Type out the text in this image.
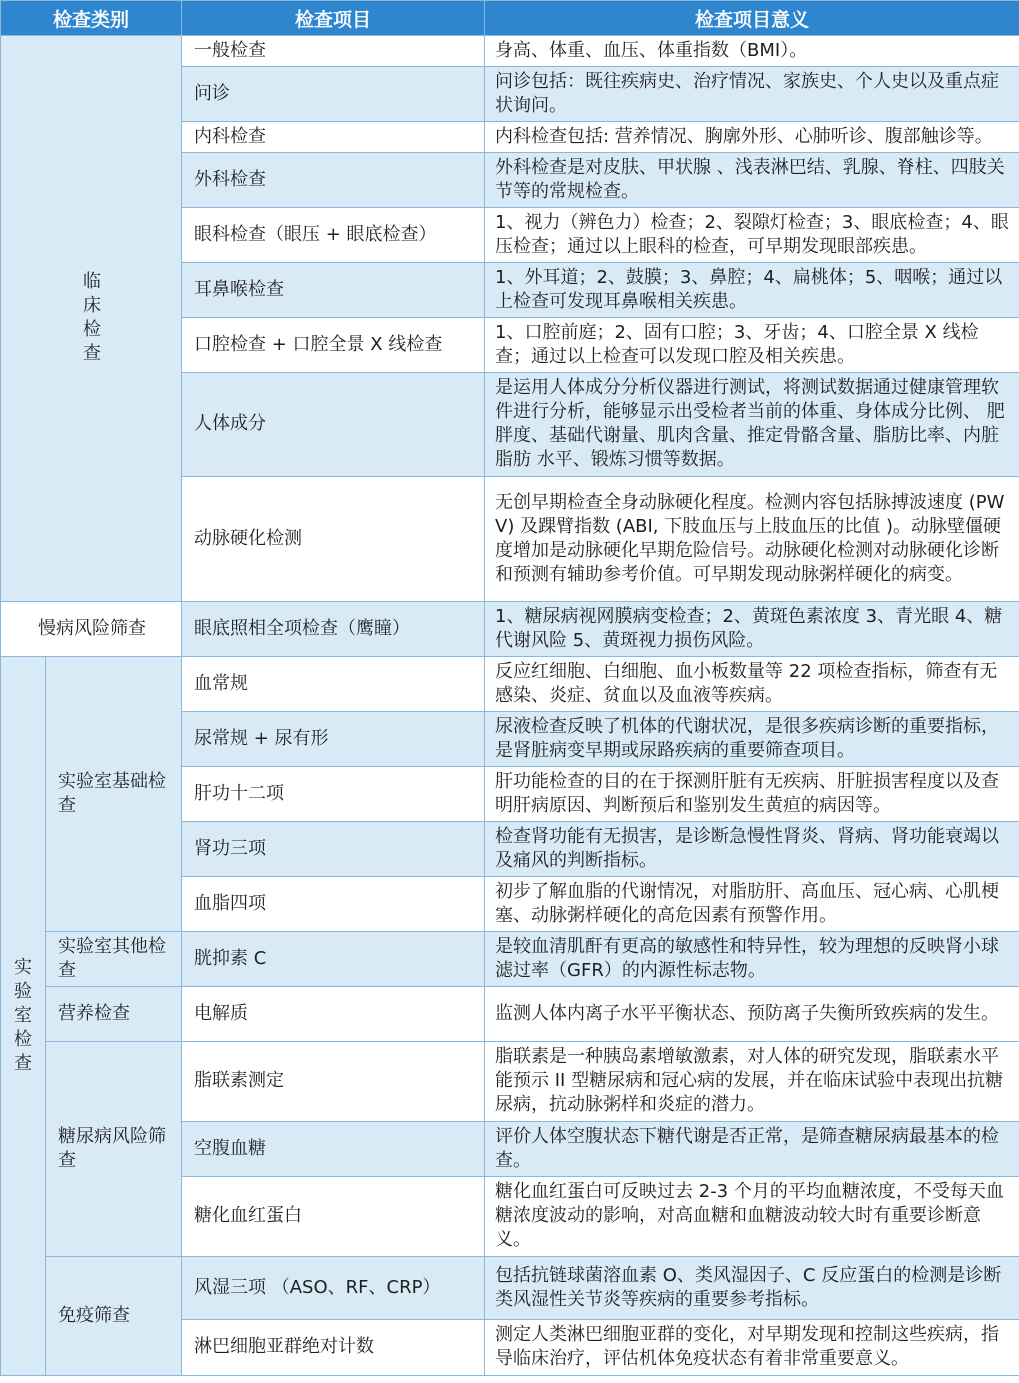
检查类别		检查项目	检查项目意义
临床检查		一般检查	身高、体重、血压、体重指数（BMI）。
		问诊	问诊包括：既往疾病史、治疗情况、家族史、个人史以及重点症状询问。
		内科检查	内科检查包括: 营养情况、胸廓外形、心肺听诊、腹部触诊等。
		外科检查	外科检查是对皮肤、甲状腺 、浅表淋巴结、乳腺、脊柱、四肢关节等的常规检查。
		眼科检查（眼压 + 眼底检查）	1、视力（辨色力）检查；2、裂隙灯检查；3、眼底检查；4、眼压检查；通过以上眼科的检查，可早期发现眼部疾患。
		耳鼻喉检查	1、外耳道；2、鼓膜；3、鼻腔；4、扁桃体；5、咽喉；通过以上检查可发现耳鼻喉相关疾患。
		口腔检查 + 口腔全景 X 线检查	1、口腔前庭；2、固有口腔；3、牙齿；4、口腔全景 X 线检查；通过以上检查可以发现口腔及相关疾患。
		人体成分	是运用人体成分分析仪器进行测试，将测试数据通过健康管理软件进行分析，能够显示出受检者当前的体重、身体成分比例、 肥胖度、基础代谢量、肌肉含量、推定骨骼含量、脂肪比率、内脏脂肪 水平、锻炼习惯等数据。
		动脉硬化检测	无创早期检查全身动脉硬化程度。检测内容包括脉搏波速度 (PWV) 及踝臂指数 (ABI, 下肢血压与上肢血压的比值 )。动脉壁僵硬度增加是动脉硬化早期危险信号。动脉硬化检测对动脉硬化诊断和预测有辅助参考价值。可早期发现动脉粥样硬化的病变。
慢病风险筛查		眼底照相全项检查（鹰瞳）	1、糖尿病视网膜病变检查；2、黄斑色素浓度 3、青光眼 4、糖代谢风险 5、黄斑视力损伤风险。
实验室检查	实验室基础检查	血常规	反应红细胞、白细胞、血小板数量等 22 项检查指标，筛查有无感染、炎症、贫血以及血液等疾病。
		尿常规 + 尿有形	尿液检查反映了机体的代谢状况，是很多疾病诊断的重要指标，是肾脏病变早期或尿路疾病的重要筛查项目。
		肝功十二项	肝功能检查的目的在于探测肝脏有无疾病、肝脏损害程度以及查明肝病原因、判断预后和鉴别发生黄疸的病因等。
		肾功三项	检查肾功能有无损害，是诊断急慢性肾炎、肾病、肾功能衰竭以及痛风的判断指标。
		血脂四项	初步了解血脂的代谢情况，对脂肪肝、高血压、冠心病、心肌梗塞、动脉粥样硬化的高危因素有预警作用。
	实验室其他检查	胱抑素 C	是较血清肌酐有更高的敏感性和特异性，较为理想的反映肾小球滤过率（GFR）的内源性标志物。
	营养检查	电解质	监测人体内离子水平平衡状态、预防离子失衡所致疾病的发生。
	糖尿病风险筛查	脂联素测定	脂联素是一种胰岛素增敏激素，对人体的研究发现，脂联素水平能预示 II 型糖尿病和冠心病的发展，并在临床试验中表现出抗糖尿病，抗动脉粥样和炎症的潜力。
		空腹血糖	评价人体空腹状态下糖代谢是否正常，是筛查糖尿病最基本的检查。
		糖化血红蛋白	糖化血红蛋白可反映过去 2-3 个月的平均血糖浓度，不受每天血糖浓度波动的影响，对高血糖和血糖波动较大时有重要诊断意义。
	免疫筛查	风湿三项 （ASO、RF、CRP）	包括抗链球菌溶血素 O、类风湿因子、C 反应蛋白的检测是诊断类风湿性关节炎等疾病的重要参考指标。
		淋巴细胞亚群绝对计数	测定人类淋巴细胞亚群的变化，对早期发现和控制这些疾病，指导临床治疗，评估机体免疫状态有着非常重要意义。
